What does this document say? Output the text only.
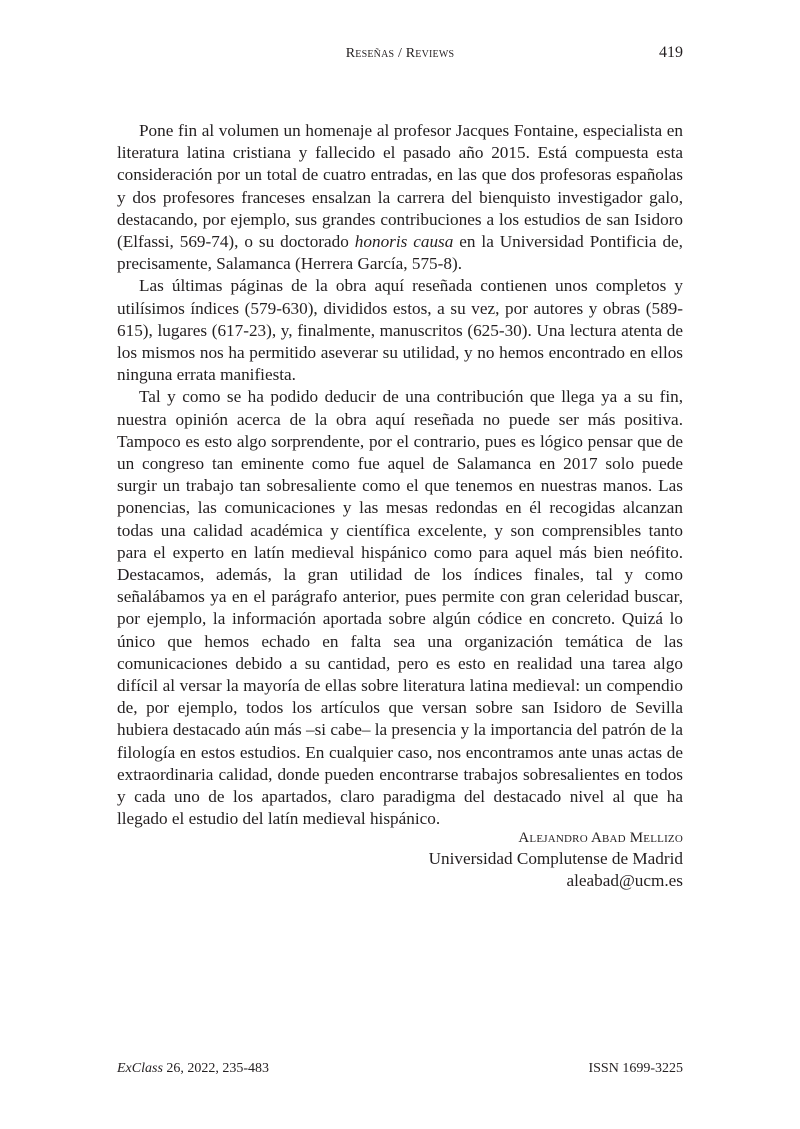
Reseñas / Reviews	419

Pone fin al volumen un homenaje al profesor Jacques Fontaine, especialista en literatura latina cristiana y fallecido el pasado año 2015. Está compuesta esta consideración por un total de cuatro entradas, en las que dos profesoras españolas y dos profesores franceses ensalzan la carrera del bienquisto investigador galo, destacando, por ejemplo, sus grandes contribuciones a los estudios de san Isidoro (Elfassi, 569-74), o su doctorado honoris causa en la Universidad Pontificia de, precisamente, Salamanca (Herrera García, 575-8).

Las últimas páginas de la obra aquí reseñada contienen unos completos y utilísimos índices (579-630), divididos estos, a su vez, por autores y obras (589-615), lugares (617-23), y, finalmente, manuscritos (625-30). Una lectura atenta de los mismos nos ha permitido aseverar su utilidad, y no hemos encontrado en ellos ninguna errata manifiesta.

Tal y como se ha podido deducir de una contribución que llega ya a su fin, nuestra opinión acerca de la obra aquí reseñada no puede ser más positiva. Tampoco es esto algo sorprendente, por el contrario, pues es lógico pensar que de un congreso tan eminente como fue aquel de Salamanca en 2017 solo puede surgir un trabajo tan sobresaliente como el que tenemos en nuestras manos. Las ponencias, las comunicaciones y las mesas redondas en él recogidas alcanzan todas una calidad académica y científica excelente, y son comprensibles tanto para el experto en latín medieval hispánico como para aquel más bien neófito. Destacamos, además, la gran utilidad de los índices finales, tal y como señalábamos ya en el parágrafo anterior, pues permite con gran celeridad buscar, por ejemplo, la información aportada sobre algún códice en concreto. Quizá lo único que hemos echado en falta sea una organización temática de las comunicaciones debido a su cantidad, pero es esto en realidad una tarea algo difícil al versar la mayoría de ellas sobre literatura latina medieval: un compendio de, por ejemplo, todos los artículos que versan sobre san Isidoro de Sevilla hubiera destacado aún más –si cabe– la presencia y la importancia del patrón de la filología en estos estudios. En cualquier caso, nos encontramos ante unas actas de extraordinaria calidad, donde pueden encontrarse trabajos sobresalientes en todos y cada uno de los apartados, claro paradigma del destacado nivel al que ha llegado el estudio del latín medieval hispánico.

Alejandro Abad Mellizo
Universidad Complutense de Madrid
aleabad@ucm.es
ExClass 26, 2022, 235-483	ISSN 1699-3225
